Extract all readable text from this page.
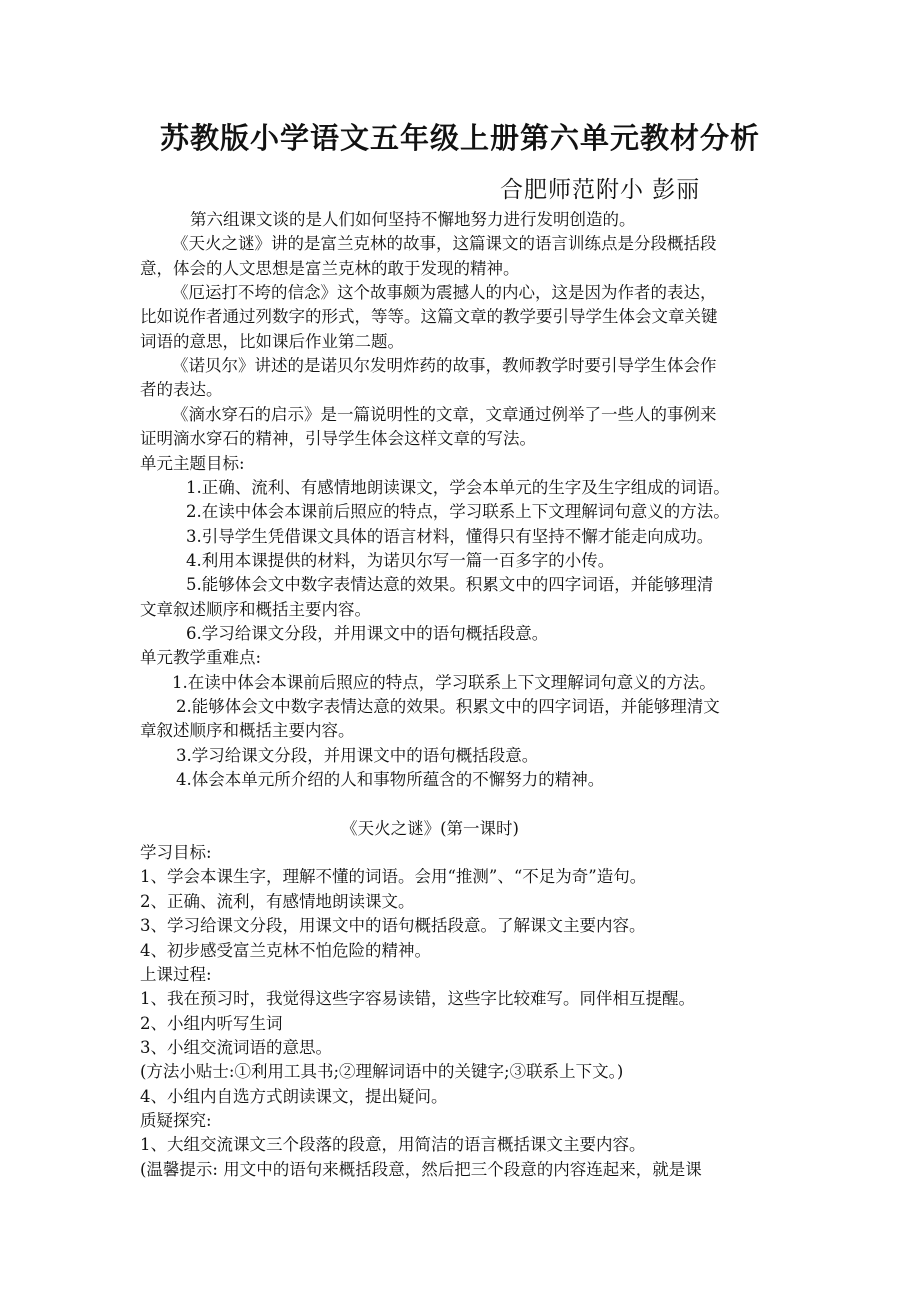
苏教版小学语文五年级上册第六单元教材分析
合肥师范附小 彭丽
第六组课文谈的是人们如何坚持不懈地努力进行发明创造的。
《天火之谜》讲的是富兰克林的故事，这篇课文的语言训练点是分段概括段
意，体会的人文思想是富兰克林的敢于发现的精神。
《厄运打不垮的信念》这个故事颇为震撼人的内心，这是因为作者的表达，
比如说作者通过列数字的形式，等等。这篇文章的教学要引导学生体会文章关键
词语的意思，比如课后作业第二题。
《诺贝尔》讲述的是诺贝尔发明炸药的故事，教师教学时要引导学生体会作
者的表达。
《滴水穿石的启示》是一篇说明性的文章，文章通过例举了一些人的事例来
证明滴水穿石的精神，引导学生体会这样文章的写法。
单元主题目标:
1.正确、流利、有感情地朗读课文，学会本单元的生字及生字组成的词语。
2.在读中体会本课前后照应的特点，学习联系上下文理解词句意义的方法。
3.引导学生凭借课文具体的语言材料，懂得只有坚持不懈才能走向成功。
4.利用本课提供的材料，为诺贝尔写一篇一百多字的小传。
5.能够体会文中数字表情达意的效果。积累文中的四字词语，并能够理清
文章叙述顺序和概括主要内容。
6.学习给课文分段，并用课文中的语句概括段意。
单元教学重难点:
1.在读中体会本课前后照应的特点，学习联系上下文理解词句意义的方法。
2.能够体会文中数字表情达意的效果。积累文中的四字词语，并能够理清文
章叙述顺序和概括主要内容。
3.学习给课文分段，并用课文中的语句概括段意。
4.体会本单元所介绍的人和事物所蕴含的不懈努力的精神。
《天火之谜》(第一课时)
学习目标:
1、学会本课生字，理解不懂的词语。会用“推测”、“不足为奇”造句。
2、正确、流利，有感情地朗读课文。
3、学习给课文分段，用课文中的语句概括段意。了解课文主要内容。
4、初步感受富兰克林不怕危险的精神。
上课过程:
1、我在预习时，我觉得这些字容易读错，这些字比较难写。同伴相互提醒。
2、小组内听写生词
3、小组交流词语的意思。
(方法小贴士:①利用工具书;②理解词语中的关键字;③联系上下文。)
4、小组内自选方式朗读课文，提出疑问。
质疑探究:
1、大组交流课文三个段落的段意，用简洁的语言概括课文主要内容。
(温馨提示: 用文中的语句来概括段意，然后把三个段意的内容连起来，就是课
